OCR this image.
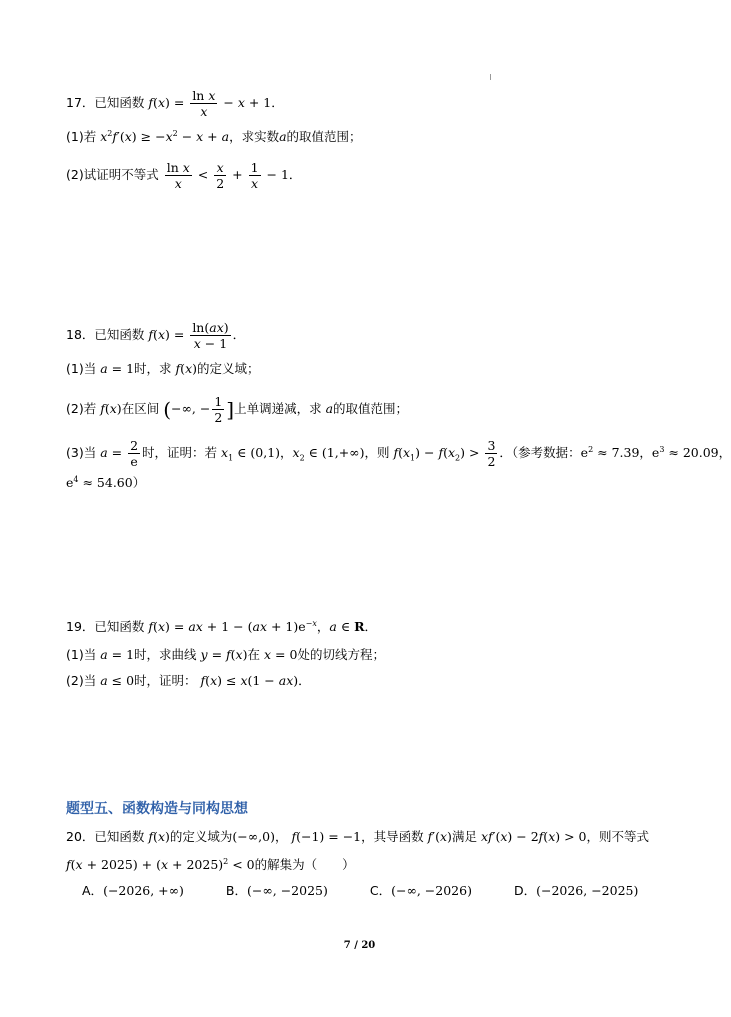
17．已知函数 $f(x) = \frac{\text{ln x}}{x} - x + 1$．
(1)若 $x^2f'(x) \ge -x^2 - x + a$，求实数a的取值范围；
(2)试证明不等式 $\frac{\text{ln x}}{x} < \frac{x}{2} + \frac{1}{x} - 1$．
18．已知函数 $f(x) = \frac{\ln(ax)}{x - 1}$ ．
(1)当 a = 1时，求 f(x)的定义域；
(2)若 f(x)在区间 (−∞, − $\frac{1}{2}$ ]上单调递减，求 a的取值范围；
(3)当 $a = \frac{2}{e}$ 时，证明：若 $x_1$ ∈ (0,1)，$x_2$ ∈ (1,+∞)，则 $f(x_1) - f(x_2) > \frac{3}{2}$ ．（参考数据：$e^2 \approx 7.39$，$e^3 \approx 20.09$，
$e^4 \approx 54.60$）
19．已知函数 f(x) = ax + $1 - (ax + 1)e^{-x}$，a ∈ R．
(1)当 a = 1时，求曲线 y = f(x)在 x = 0处的切线方程；
(2)当 a ≤ 0时，证明： f(x) ≤ x(1 − ax)．
题型五、函数构造与同构思想
20．已知函数 f(x)的定义域为(−∞,0)， f(−1) = −1，其导函数 f′(x)满足 xf′(x) − 2f(x) > 0，则不等式
$f(x + 2025) + (x + 2025)^2 < 0$的解集为（　　）
A．(−2026, +∞)	B．(−∞, −2025)	C．(−∞, −2026)	D．(−2026, −2025)
7 / 20
